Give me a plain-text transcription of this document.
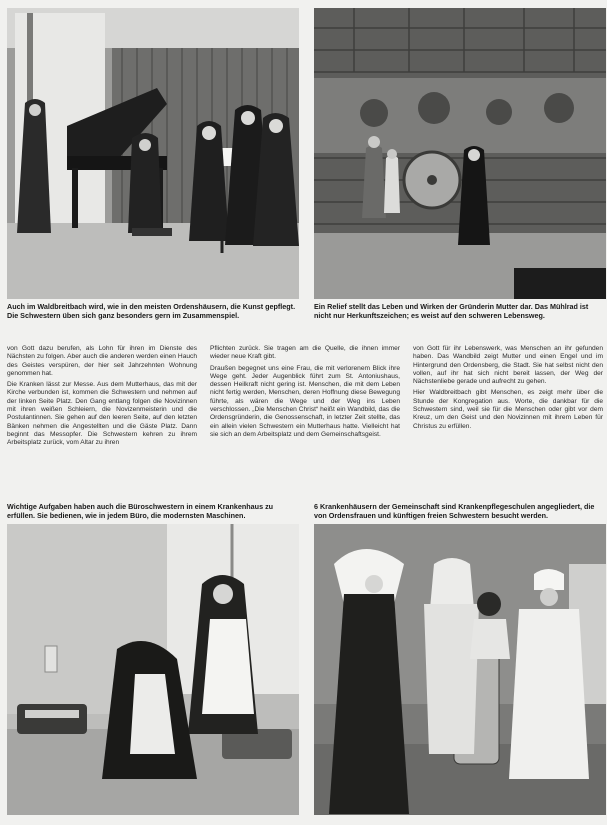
Auch im Waldbreitbach wird, wie in den meisten Ordenshäusern, die Kunst gepflegt. Die Schwestern üben sich ganz besonders gern im Zusammenspiel.
Ein Relief stellt das Leben und Wirken der Gründerin Mutter dar. Das Mühlrad ist nicht nur Herkunftszeichen; es weist auf den schweren Lebensweg.

von Gott dazu berufen, als Lohn für ihren im Dienste des Nächsten zu folgen. Aber auch die anderen werden einen Hauch des Geistes verspüren, der hier seit Jahrzehnten Wohnung genommen hat.

Die Kranken lässt zur Messe. Aus dem Mutterhaus, das mit der Kirche verbunden ist, kommen die Schwestern und nehmen auf der linken Seite Platz. Den Gang entlang folgen die Novizinnen mit ihren weißen Schleiern, die Novizenmeisterin und die Postulantinnen. Sie gehen auf den leeren Seite, auf den letzten Bänken nehmen die Angestellten und die Gäste Platz. Dann beginnt das Messopfer. Die Schwestern kehren zu ihrem Arbeitsplatz zurück, vom Altar zu ihren

Pflichten zurück. Sie tragen am die Quelle, die ihnen immer wieder neue Kraft gibt.

Draußen begegnet uns eine Frau, die mit verlorenem Blick ihre Wege geht. Jeder Augenblick führt zum St. Antoniushaus, dessen Heilkraft nicht gering ist. Menschen, die mit dem Leben nicht fertig werden, Menschen, deren Hoffnung diese Bewegung führte, als wären die Wege und der Weg ins Leben verschlossen. „Die Menschen Christ“ heißt ein Wandbild, das die Ordensgründerin, die Genossenschaft, in letzter Zeit stellte, das ein allein vielen Schwestern ein Mutterhaus hatte. Vielleicht hat sie sich an dem Arbeitsplatz und dem Gemeinschaftsgeist.

von Gott für ihr Lebenswerk, was Menschen an ihr gefunden haben. Das Wandbild zeigt Mutter und einen Engel und im Hintergrund den Ordensberg, die Stadt. Sie hat selbst nicht den vollen, auf ihr hat sich nicht bereit lassen, der Weg der Nächstenliebe gerade und aufrecht zu gehen.

Hier Waldbreitbach gibt Menschen, es zeigt mehr über die Stunde der Kongregation aus. Worte, die dankbar für die Schwestern sind, weil sie für die Menschen oder gibt vor dem Kreuz, um den Geist und den Novizinnen mit ihrem Leben für Christus zu erfüllen.

Wichtige Aufgaben haben auch die Büroschwestern in einem Krankenhaus zu erfüllen. Sie bedienen, wie in jedem Büro, die modernsten Maschinen.
6 Krankenhäusern der Gemeinschaft sind Krankenpflegeschulen angegliedert, die von Ordensfrauen und künftigen freien Schwestern besucht werden.
